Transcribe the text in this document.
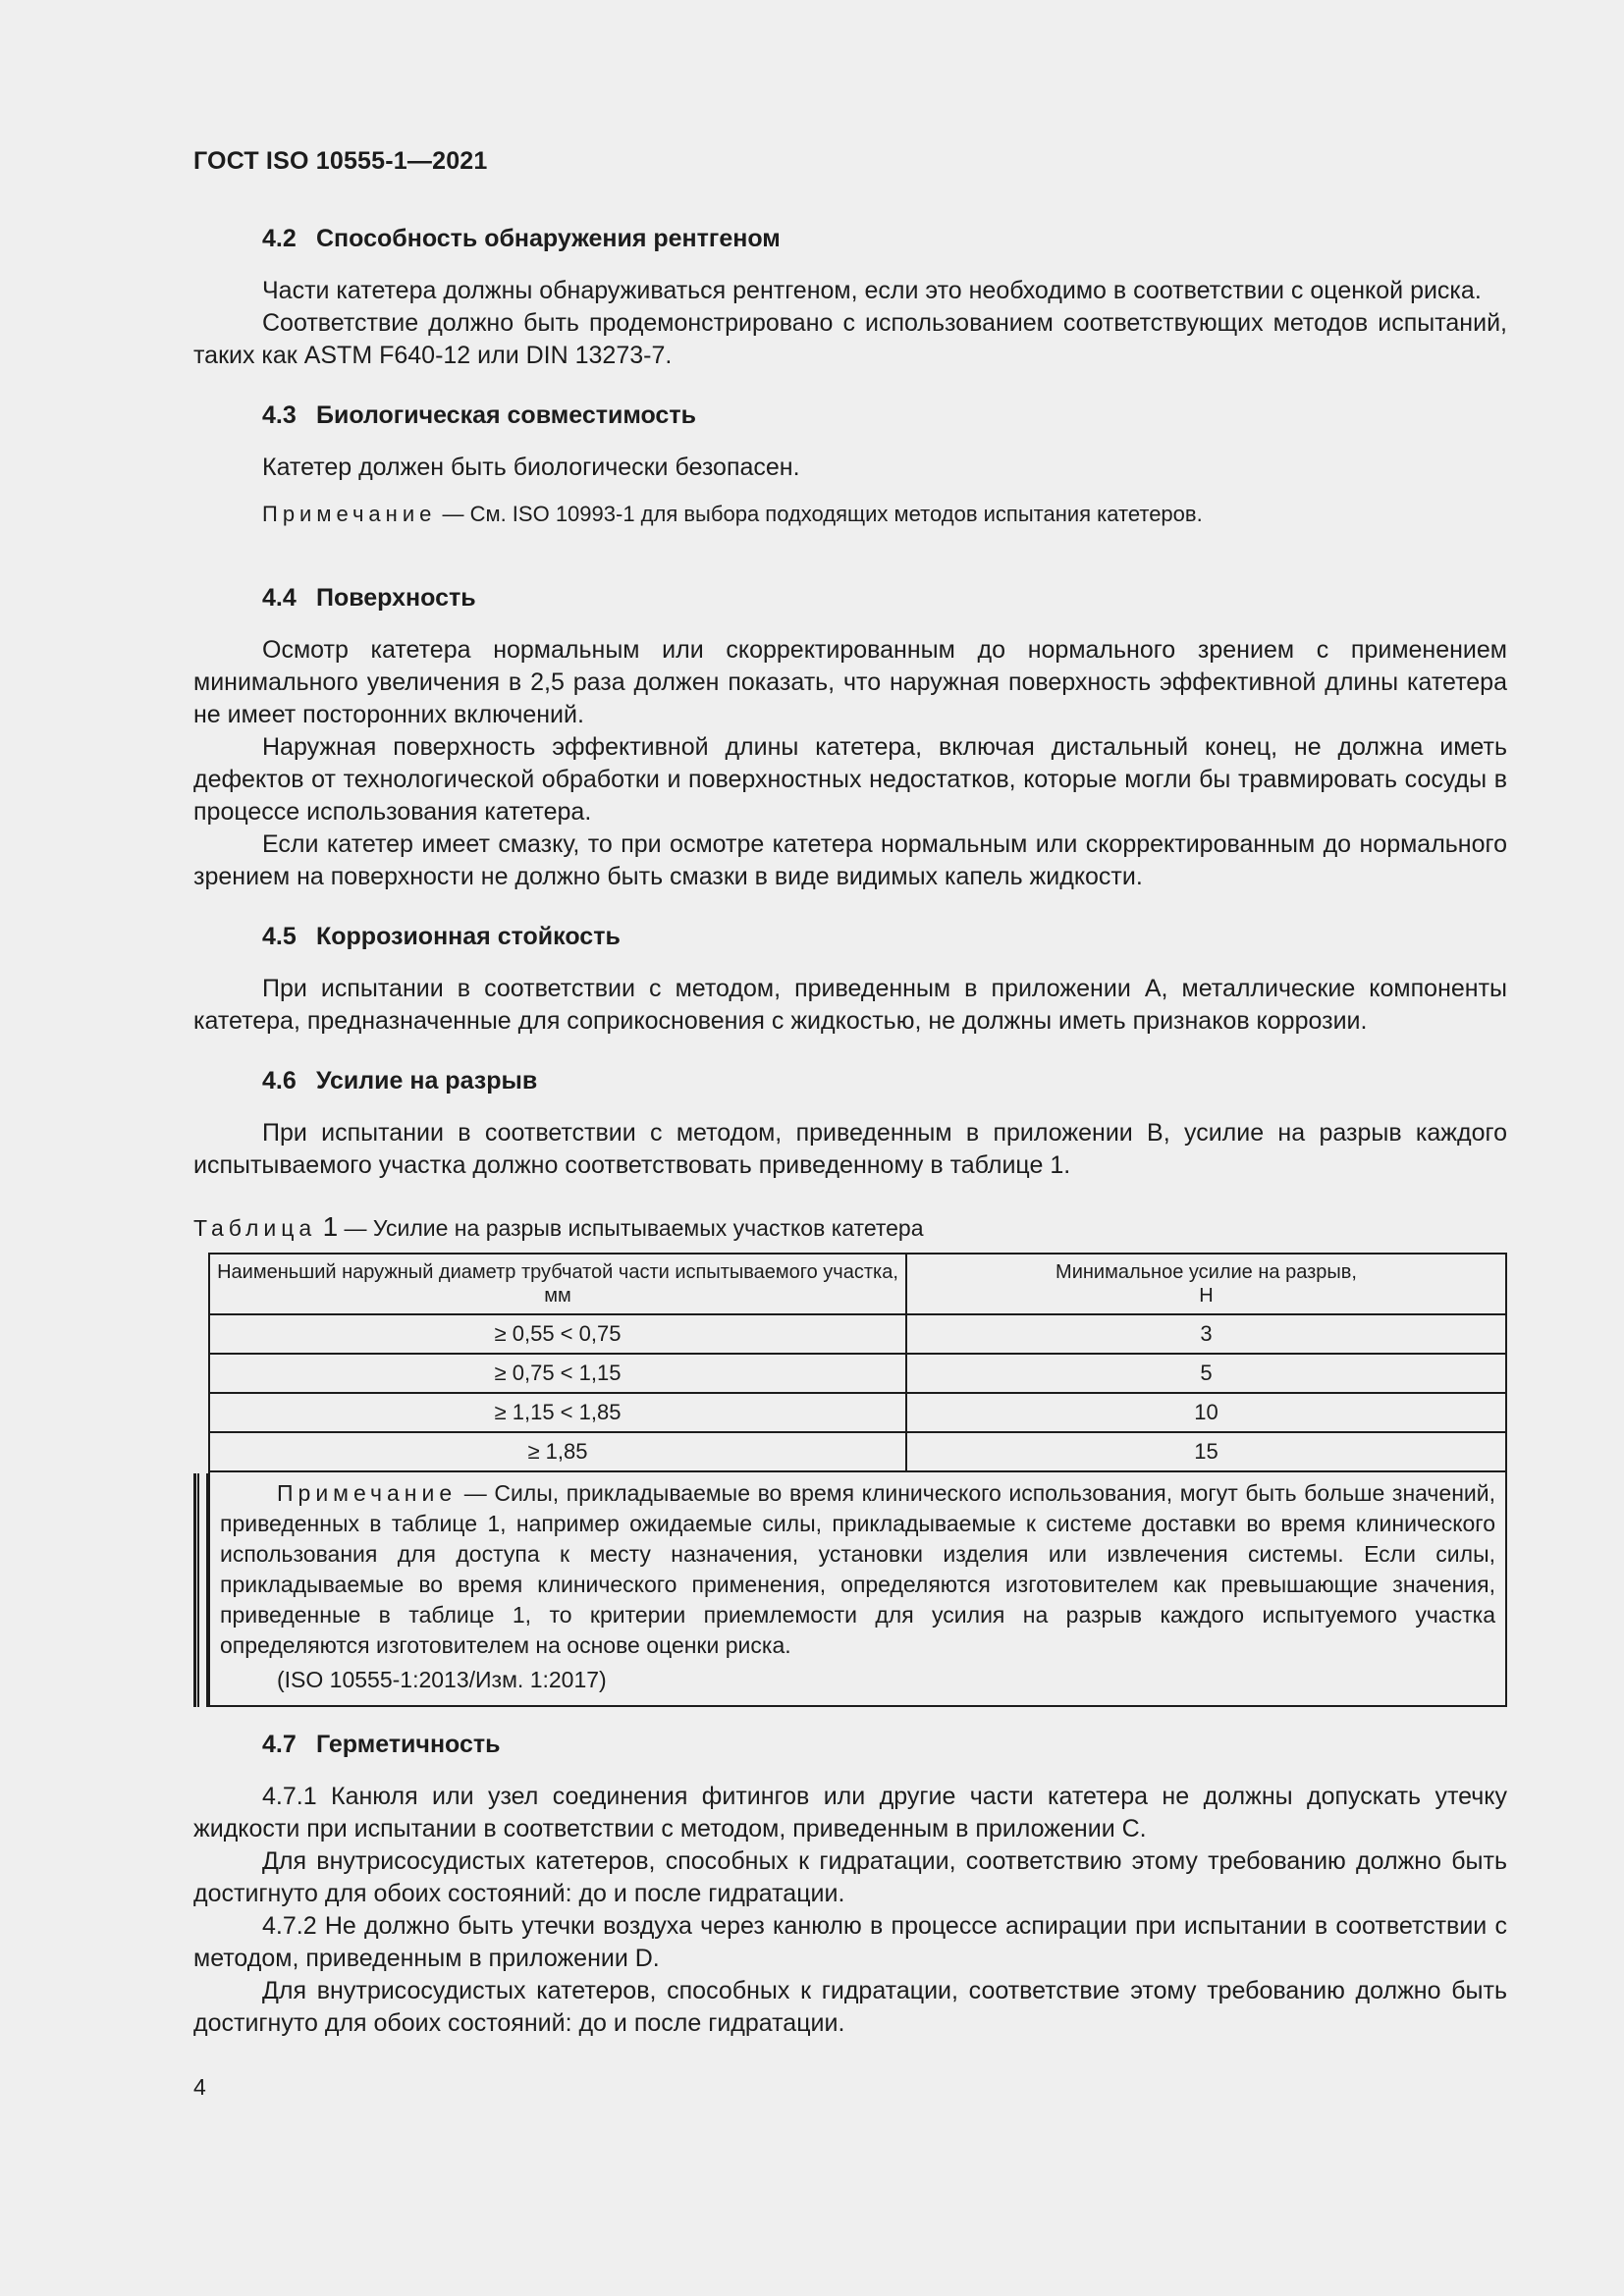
ГОСТ ISO 10555-1—2021
4.2 Способность обнаружения рентгеном

Части катетера должны обнаруживаться рентгеном, если это необходимо в соответствии с оценкой риска.

Соответствие должно быть продемонстрировано с использованием соответствующих методов испытаний, таких как ASTM F640-12 или DIN 13273-7.

4.3 Биологическая совместимость

Катетер должен быть биологически безопасен.

Примечание — См. ISO 10993-1 для выбора подходящих методов испытания катетеров.
4.4 Поверхность

Осмотр катетера нормальным или скорректированным до нормального зрением с применением минимального увеличения в 2,5 раза должен показать, что наружная поверхность эффективной длины катетера не имеет посторонних включений.

Наружная поверхность эффективной длины катетера, включая дистальный конец, не должна иметь дефектов от технологической обработки и поверхностных недостатков, которые могли бы травмировать сосуды в процессе использования катетера.

Если катетер имеет смазку, то при осмотре катетера нормальным или скорректированным до нормального зрением на поверхности не должно быть смазки в виде видимых капель жидкости.

4.5 Коррозионная стойкость

При испытании в соответствии с методом, приведенным в приложении А, металлические компоненты катетера, предназначенные для соприкосновения с жидкостью, не должны иметь признаков коррозии.

4.6 Усилие на разрыв

При испытании в соответствии с методом, приведенным в приложении В, усилие на разрыв каждого испытываемого участка должно соответствовать приведенному в таблице 1.

Таблица 1 — Усилие на разрыв испытываемых участков катетера
Наименьший наружный диаметр трубчатой части испытываемого участка, мм	Минимальное усилие на разрыв,
Н

≥ 0,55 < 0,75	3
≥ 0,75 < 1,15	5
≥ 1,15 < 1,85	10
≥ 1,85	15

Примечание — Силы, прикладываемые во время клинического использования, могут быть больше значений, приведенных в таблице 1, например ожидаемые силы, прикладываемые к системе доставки во время клинического использования для доступа к месту назначения, установки изделия или извлечения системы. Если силы, прикладываемые во время клинического применения, определяются изготовителем как превышающие значения, приведенные в таблице 1, то критерии приемлемости для усилия на разрыв каждого испытуемого участка определяются изготовителем на основе оценки риска.
(ISO 10555-1:2013/Изм. 1:2017)	
4.7 Герметичность

4.7.1 Канюля или узел соединения фитингов или другие части катетера не должны допускать утечку жидкости при испытании в соответствии с методом, приведенным в приложении С.

Для внутрисосудистых катетеров, способных к гидратации, соответствию этому требованию должно быть достигнуто для обоих состояний: до и после гидратации.

4.7.2 Не должно быть утечки воздуха через канюлю в процессе аспирации при испытании в соответствии с методом, приведенным в приложении D.

Для внутрисосудистых катетеров, способных к гидратации, соответствие этому требованию должно быть достигнуто для обоих состояний: до и после гидратации.

4
